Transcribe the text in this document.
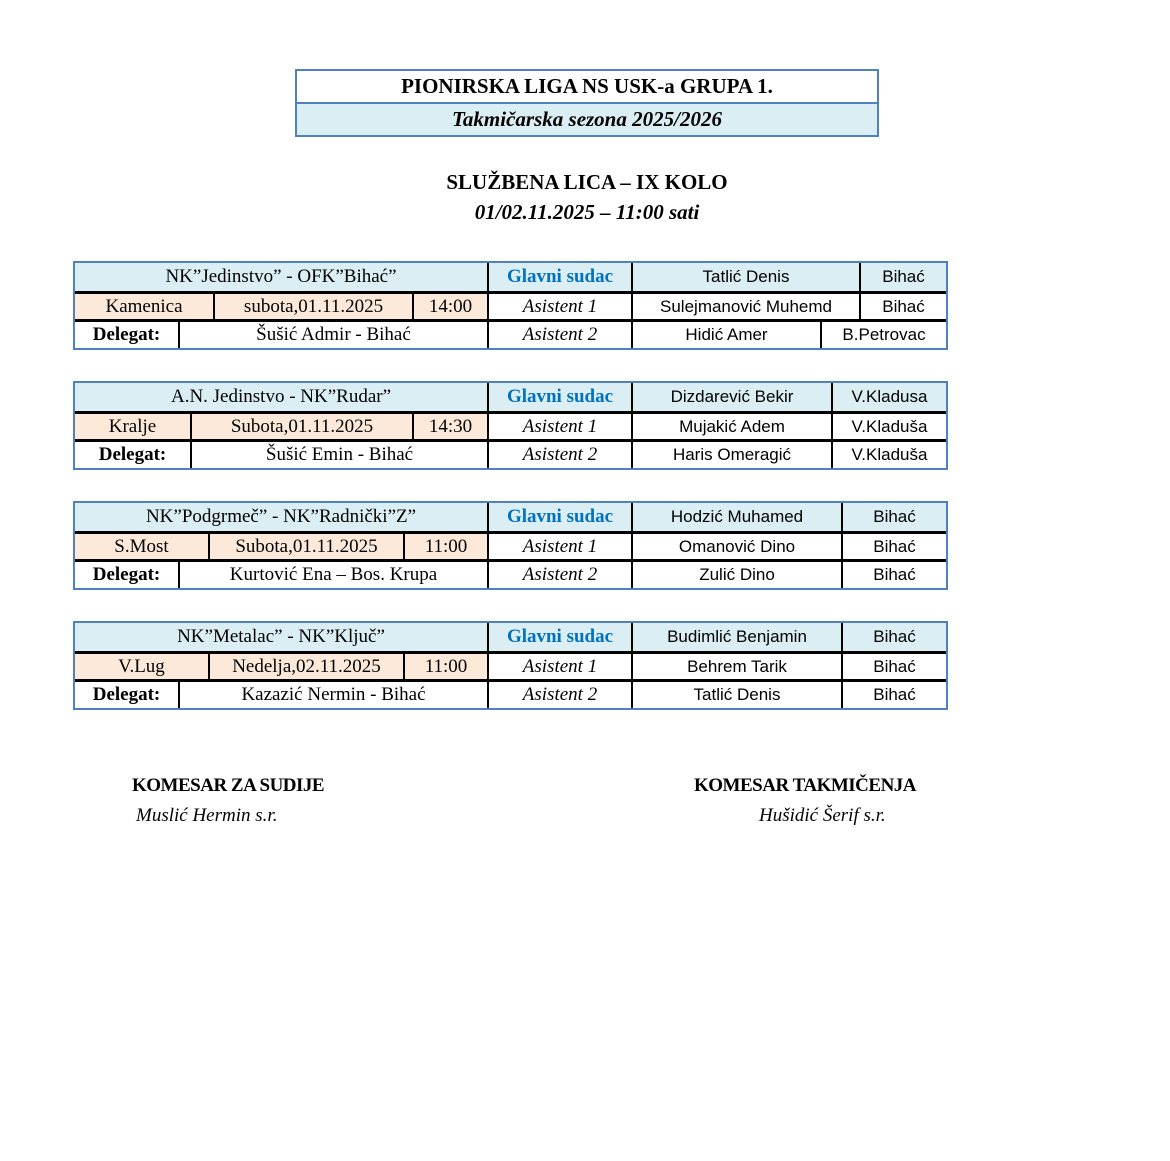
PIONIRSKA LIGA NS USK-a GRUPA 1.
Takmičarska sezona 2025/2026
SLUŽBENA LICA – IX KOLO
01/02.11.2025 – 11:00 sati
NK”Jedinstvo” - OFK”Bihać”	Glavni sudac	Tatlić Denis	Bihać
Kamenica	subota,01.11.2025	14:00	Asistent 1	Sulejmanović Muhemd	Bihać
Delegat:	Šušić Admir - Bihać	Asistent 2	Hidić Amer	B.Petrovac
A.N. Jedinstvo - NK”Rudar”	Glavni sudac	Dizdarević Bekir	V.Kladusa
Kralje	Subota,01.11.2025	14:30	Asistent 1	Mujakić Adem	V.Kladuša
Delegat:	Šušić Emin - Bihać	Asistent 2	Haris Omeragić	V.Kladuša
NK”Podgrmeč” - NK”Radnički”Z”	Glavni sudac	Hodzić Muhamed	Bihać
S.Most	Subota,01.11.2025	11:00	Asistent 1	Omanović Dino	Bihać
Delegat:	Kurtović Ena – Bos. Krupa	Asistent 2	Zulić Dino	Bihać
NK”Metalac” - NK”Ključ”	Glavni sudac	Budimlić Benjamin	Bihać
V.Lug	Nedelja,02.11.2025	11:00	Asistent 1	Behrem Tarik	Bihać
Delegat:	Kazazić Nermin - Bihać	Asistent 2	Tatlić Denis	Bihać
KOMESAR ZA SUDIJE
Muslić Hermin s.r.
KOMESAR TAKMIČENJA
Hušidić Šerif s.r.
